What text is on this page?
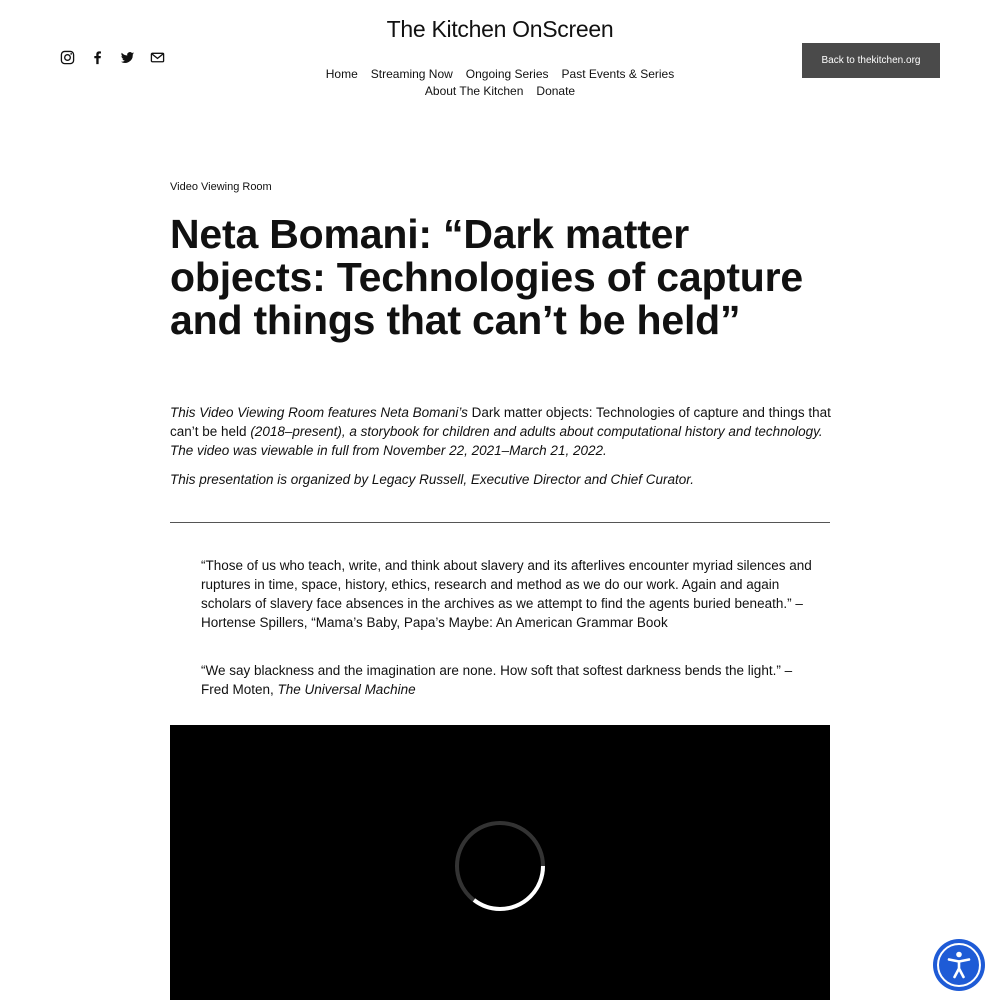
The Kitchen OnScreen
Home Streaming Now Ongoing Series Past Events & Series
About The Kitchen Donate
Back to thekitchen.org
Video Viewing Room
Neta Bomani: “Dark matter objects: Technologies of capture and things that can’t be held”

This Video Viewing Room features Neta Bomani’s Dark matter objects: Technologies of capture and things that can’t be held (2018–present), a storybook for children and adults about computational history and technology. The video was viewable in full from November 22, 2021–March 21, 2022.

This presentation is organized by Legacy Russell, Executive Director and Chief Curator.

“Those of us who teach, write, and think about slavery and its afterlives encounter myriad silences and ruptures in time, space, history, ethics, research and method as we do our work. Again and again scholars of slavery face absences in the archives as we attempt to find the agents buried beneath.” – Hortense Spillers, “Mama’s Baby, Papa’s Maybe: An American Grammar Book

“We say blackness and the imagination are none. How soft that softest darkness bends the light.” – Fred Moten, The Universal Machine
